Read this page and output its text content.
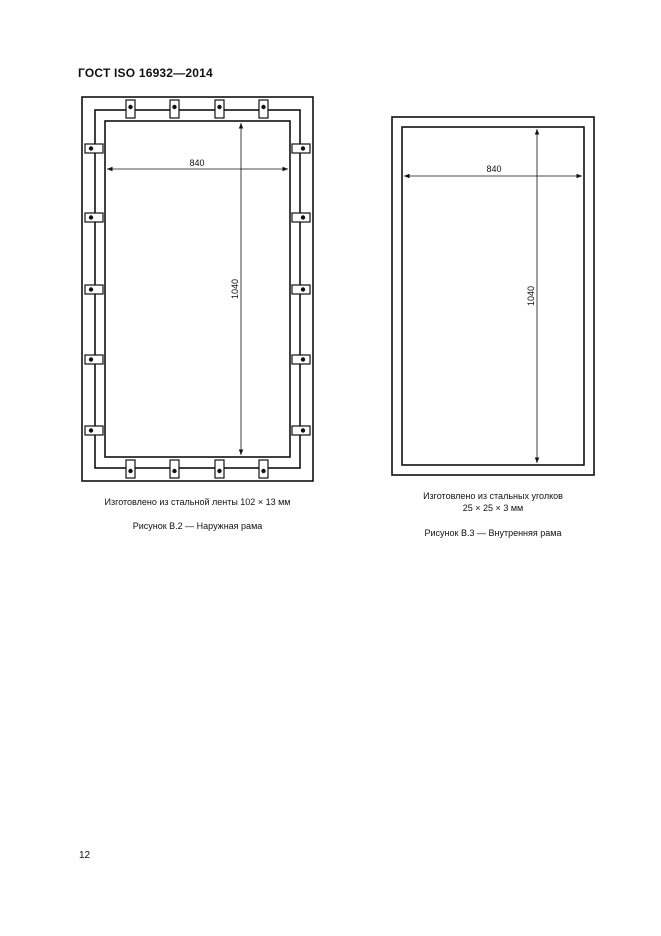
ГОСТ ISO 16932—2014
840
1040
840
1040
Изготовлено из стальной ленты 102 × 13 мм
Рисунок В.2 — Наружная рама
Изготовлено из стальных уголков
25 × 25 × 3 мм
Рисунок В.3 — Внутренняя рама
12
